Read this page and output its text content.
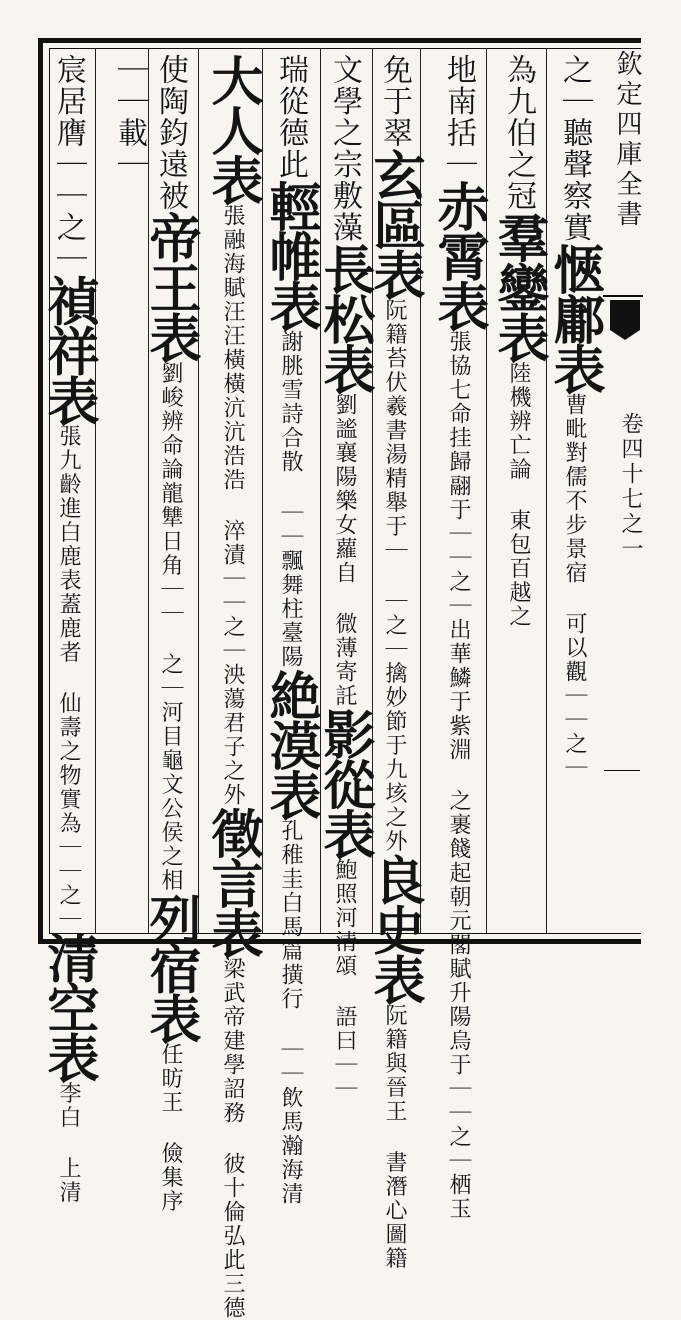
欽定四庫全書
卷四十七之一
之｜聽聲察實愜鄘表曹毗對儒不步景宿 可以觀｜｜之｜
為九伯之冠羣鑾表陸機辨亡論 東包百越之
地南括｜赤霄表張協七命挂歸翮于｜｜之｜出華鱗于紫淵 之裹餞起朝元閣賦升陽烏于｜｜之｜栖玉
免于翠玄區表阮籍苔伏羲書湯精舉于｜ ｜之｜擒妙節于九垓之外良史表阮籍與晉王 書潛心圖籍
文學之宗敷藻長松表劉謐襄陽樂女蘿自 微薄寄託影從表鮑照河清頌 語曰｜｜
瑞從德此輕帷表謝朓雪詩合散 ｜｜飄舞柱臺陽絶漠表孔稚圭白馬篇撗行 ｜｜飲馬瀚海清
大人表張融海賦汪汪橫橫沆沆浩浩 淬漬｜｜之｜泱蕩君子之外徵言表梁武帝建學詔務 彼十倫弘此三德
使陶鈞遠被帝王表劉峻辨命論龍犨日角｜｜ 之｜河目龜文公侯之相列宿表任昉王 儉集序
｜｜載｜
宸居膺｜｜之｜禎祥表張九齡進白鹿表蓋鹿者 仙壽之物實為｜｜之｜清空表李白 上清
